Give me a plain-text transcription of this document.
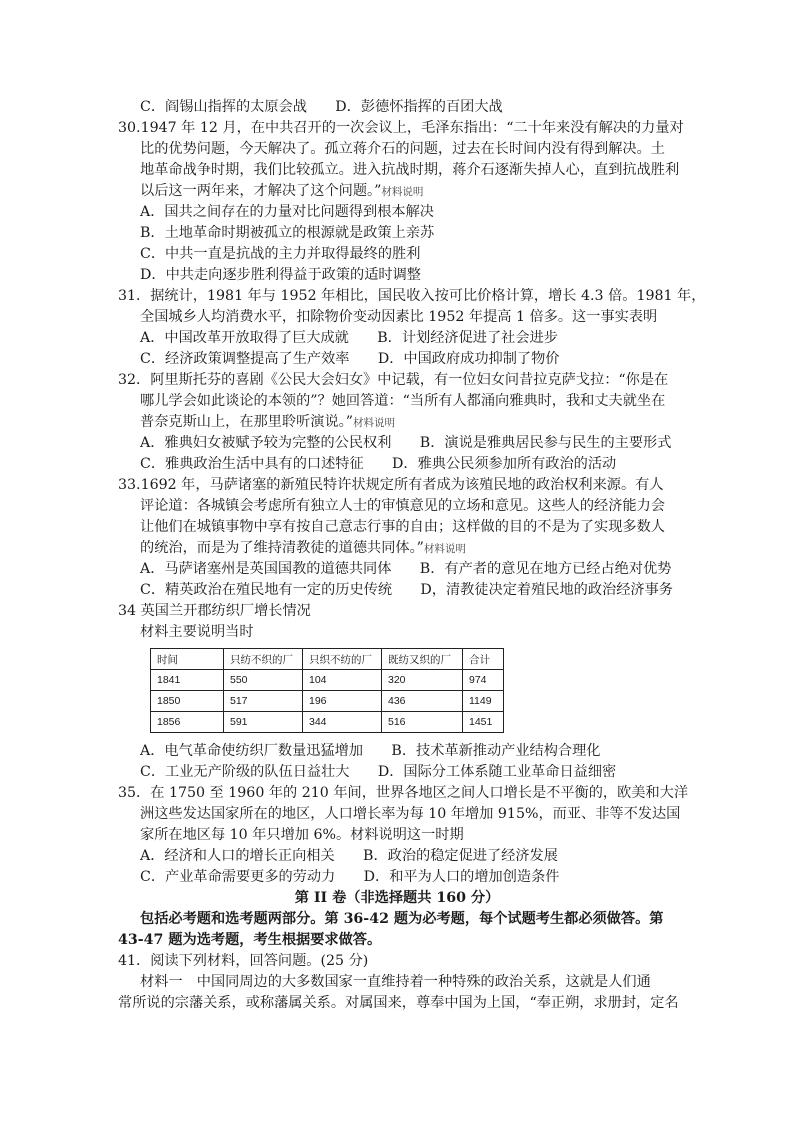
C．阎锡山指挥的太原会战　　D．彭德怀指挥的百团大战
30.1947 年 12 月，在中共召开的一次会议上，毛泽东指出：“二十年来没有解决的力量对
比的优势问题，今天解决了。孤立蒋介石的问题，过去在长时间内没有得到解决。土
地革命战争时期，我们比较孤立。进入抗战时期，蒋介石逐渐失掉人心，直到抗战胜利
以后这一两年来，才解决了这个问题。”材料说明
A．国共之间存在的力量对比问题得到根本解决
B．土地革命时期被孤立的根源就是政策上亲苏
C．中共一直是抗战的主力并取得最终的胜利
D．中共走向逐步胜利得益于政策的适时调整
31．据统计，1981 年与 1952 年相比，国民收入按可比价格计算，增长 4.3 倍。1981 年，
全国城乡人均消费水平，扣除物价变动因素比 1952 年提高 1 倍多。这一事实表明
A．中国改革开放取得了巨大成就　　B．计划经济促进了社会进步
C．经济政策调整提高了生产效率　　D．中国政府成功抑制了物价
32．阿里斯托芬的喜剧《公民大会妇女》中记载，有一位妇女问昔拉克萨戈拉：“你是在
哪儿学会如此谈论的本领的”？她回答道：“当所有人都涌向雅典时，我和丈夫就坐在
普奈克斯山上，在那里聆听演说。”材料说明
A．雅典妇女被赋予较为完整的公民权利　　B．演说是雅典居民参与民生的主要形式
C．雅典政治生活中具有的口述特征　　D．雅典公民须参加所有政治的活动
33.1692 年，马萨诸塞的新殖民特许状规定所有者成为该殖民地的政治权利来源。有人
评论道：各城镇会考虑所有独立人士的审慎意见的立场和意见。这些人的经济能力会
让他们在城镇事物中享有按自己意志行事的自由；这样做的目的不是为了实现多数人
的统治，而是为了维持清教徒的道德共同体。”材料说明
A．马萨诸塞州是英国国教的道德共同体　　B．有产者的意见在地方已经占绝对优势
C．精英政治在殖民地有一定的历史传统　　D，清教徒决定着殖民地的政治经济事务
34 英国兰开郡纺织厂增长情况
材料主要说明当时
时间	只纺不织的厂	只织不纺的厂	既纺又织的厂	合计
1841	550	104	320	974
1850	517	196	436	1149
1856	591	344	516	1451
A．电气革命使纺织厂数量迅猛增加　　B．技术革新推动产业结构合理化
C．工业无产阶级的队伍日益壮大　　D．国际分工体系随工业革命日益细密
35．在 1750 至 1960 年的 210 年间，世界各地区之间人口增长是不平衡的，欧美和大洋
洲这些发达国家所在的地区，人口增长率为每 10 年增加 915%，而亚、非等不发达国
家所在地区每 10 年只增加 6%。材料说明这一时期
A．经济和人口的增长正向相关　　B．政治的稳定促进了经济发展
C．产业革命需要更多的劳动力　　D．和平为人口的增加创造条件
第 II 卷（非选择题共 160 分）
包括必考题和选考题两部分。第 36-42 题为必考题，每个试题考生都必须做答。第
43-47 题为选考题，考生根据要求做答。
41．阅读下列材料，回答问题。(25 分)
材料一　中国同周边的大多数国家一直维持着一种特殊的政治关系，这就是人们通
常所说的宗藩关系，或称藩属关系。对属国来，尊奉中国为上国，“奉正朔，求册封，定名
